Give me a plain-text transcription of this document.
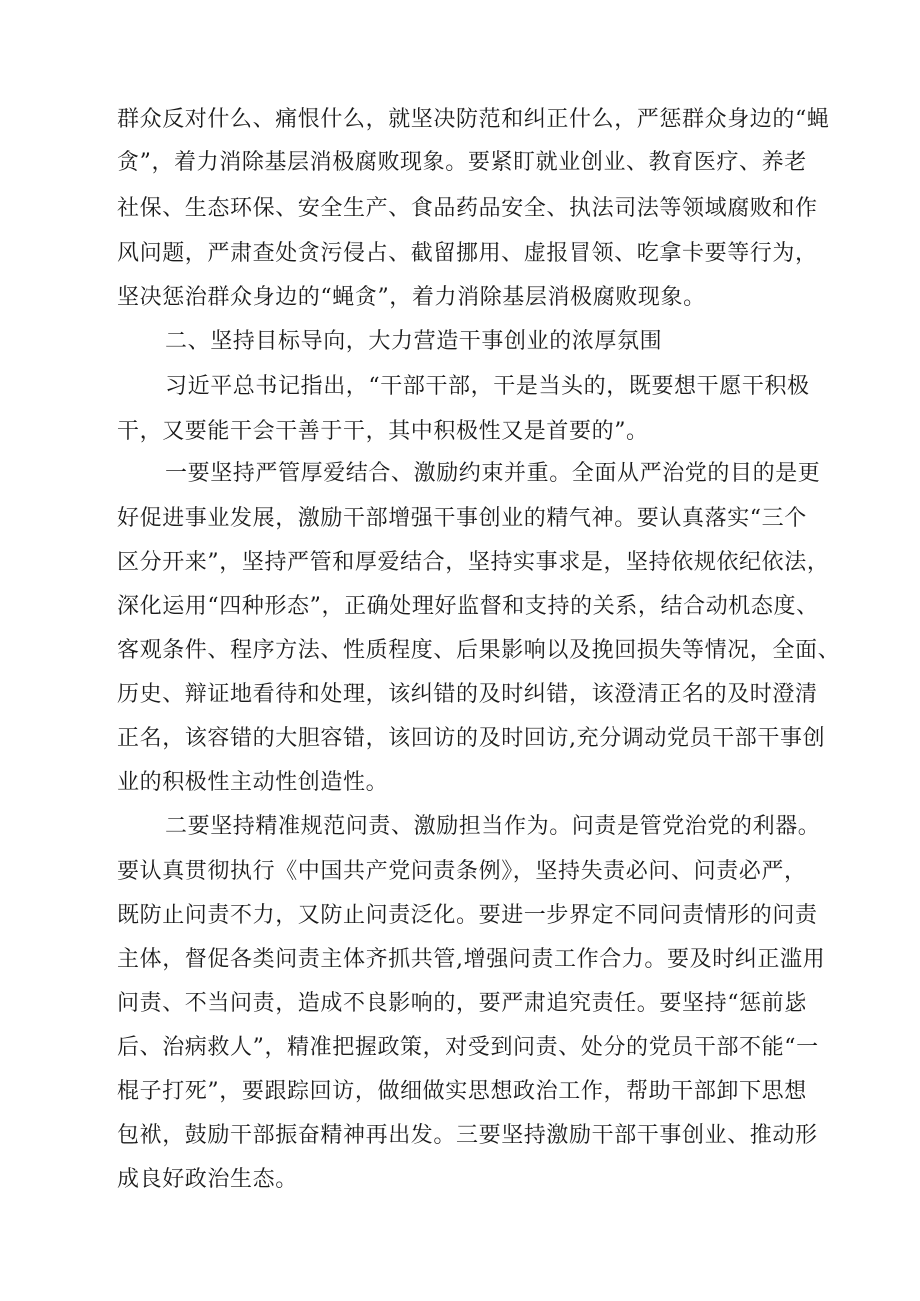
群众反对什么、痛恨什么，就坚决防范和纠正什么，严惩群众身边的“蝇
贪”，着力消除基层消极腐败现象。要紧盯就业创业、教育医疗、养老
社保、生态环保、安全生产、食品药品安全、执法司法等领域腐败和作
风问题，严肃查处贪污侵占、截留挪用、虚报冒领、吃拿卡要等行为，
坚决惩治群众身边的“蝇贪”，着力消除基层消极腐败现象。
二、坚持目标导向，大力营造干事创业的浓厚氛围
习近平总书记指出，“干部干部，干是当头的，既要想干愿干积极
干，又要能干会干善于干，其中积极性又是首要的”。
一要坚持严管厚爱结合、激励约束并重。全面从严治党的目的是更
好促进事业发展，激励干部增强干事创业的精气神。要认真落实“三个
区分开来”，坚持严管和厚爱结合，坚持实事求是，坚持依规依纪依法，
深化运用“四种形态”，正确处理好监督和支持的关系，结合动机态度、
客观条件、程序方法、性质程度、后果影响以及挽回损失等情况，全面、
历史、辩证地看待和处理，该纠错的及时纠错，该澄清正名的及时澄清
正名，该容错的大胆容错，该回访的及时回访,充分调动党员干部干事创
业的积极性主动性创造性。
二要坚持精准规范问责、激励担当作为。问责是管党治党的利器。
要认真贯彻执行《中国共产党问责条例》，坚持失责必问、问责必严，
既防止问责不力，又防止问责泛化。要进一步界定不同问责情形的问责
主体，督促各类问责主体齐抓共管,增强问责工作合力。要及时纠正滥用
问责、不当问责，造成不良影响的，要严肃追究责任。要坚持“惩前毖
后、治病救人”，精准把握政策，对受到问责、处分的党员干部不能“一
棍子打死”，要跟踪回访，做细做实思想政治工作，帮助干部卸下思想
包袱，鼓励干部振奋精神再出发。三要坚持激励干部干事创业、推动形
成良好政治生态。
